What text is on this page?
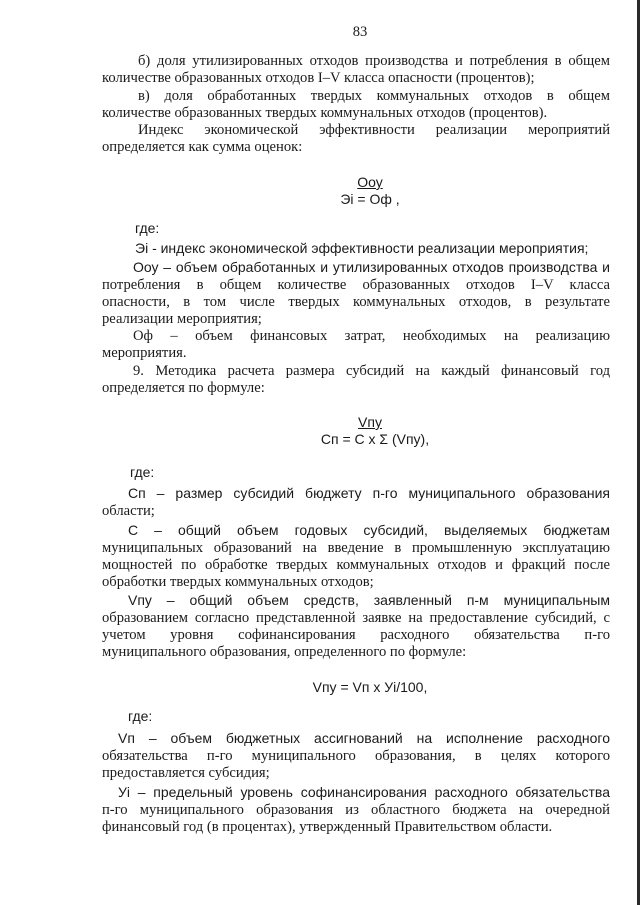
83
б) доля утилизированных отходов производства и потребления в общем
количестве образованных отходов I–V класса опасности (процентов);
в) доля обработанных твердых коммунальных отходов в общем
количестве образованных твердых коммунальных отходов (процентов).
Индекс экономической эффективности реализации мероприятий
определяется как сумма оценок:
Ооу
Эi = Оф ,
где:
Эi - индекс экономической эффективности реализации мероприятия;
Ооу – объем обработанных и утилизированных отходов производства и
потребления в общем количестве образованных отходов I–V класса
опасности, в том числе твердых коммунальных отходов, в результате
реализации мероприятия;
Оф – объем финансовых затрат, необходимых на реализацию
мероприятия.
9. Методика расчета размера субсидий на каждый финансовый год
определяется по формуле:
Vпу
Сп = С х Σ (Vпу),
где:
Сп – размер субсидий бюджету п-го муниципального образования
области;
С – общий объем годовых субсидий, выделяемых бюджетам
муниципальных образований на введение в промышленную эксплуатацию
мощностей по обработке твердых коммунальных отходов и фракций после
обработки твердых коммунальных отходов;
Vпу – общий объем средств, заявленный п-м муниципальным
образованием согласно представленной заявке на предоставление субсидий, с
учетом уровня софинансирования расходного обязательства п-го
муниципального образования, определенного по формуле:
Vпу = Vп х Уi/100,
где:
Vп – объем бюджетных ассигнований на исполнение расходного
обязательства п-го муниципального образования, в целях которого
предоставляется субсидия;
Уi – предельный уровень софинансирования расходного обязательства
п-го муниципального образования из областного бюджета на очередной
финансовый год (в процентах), утвержденный Правительством области.
